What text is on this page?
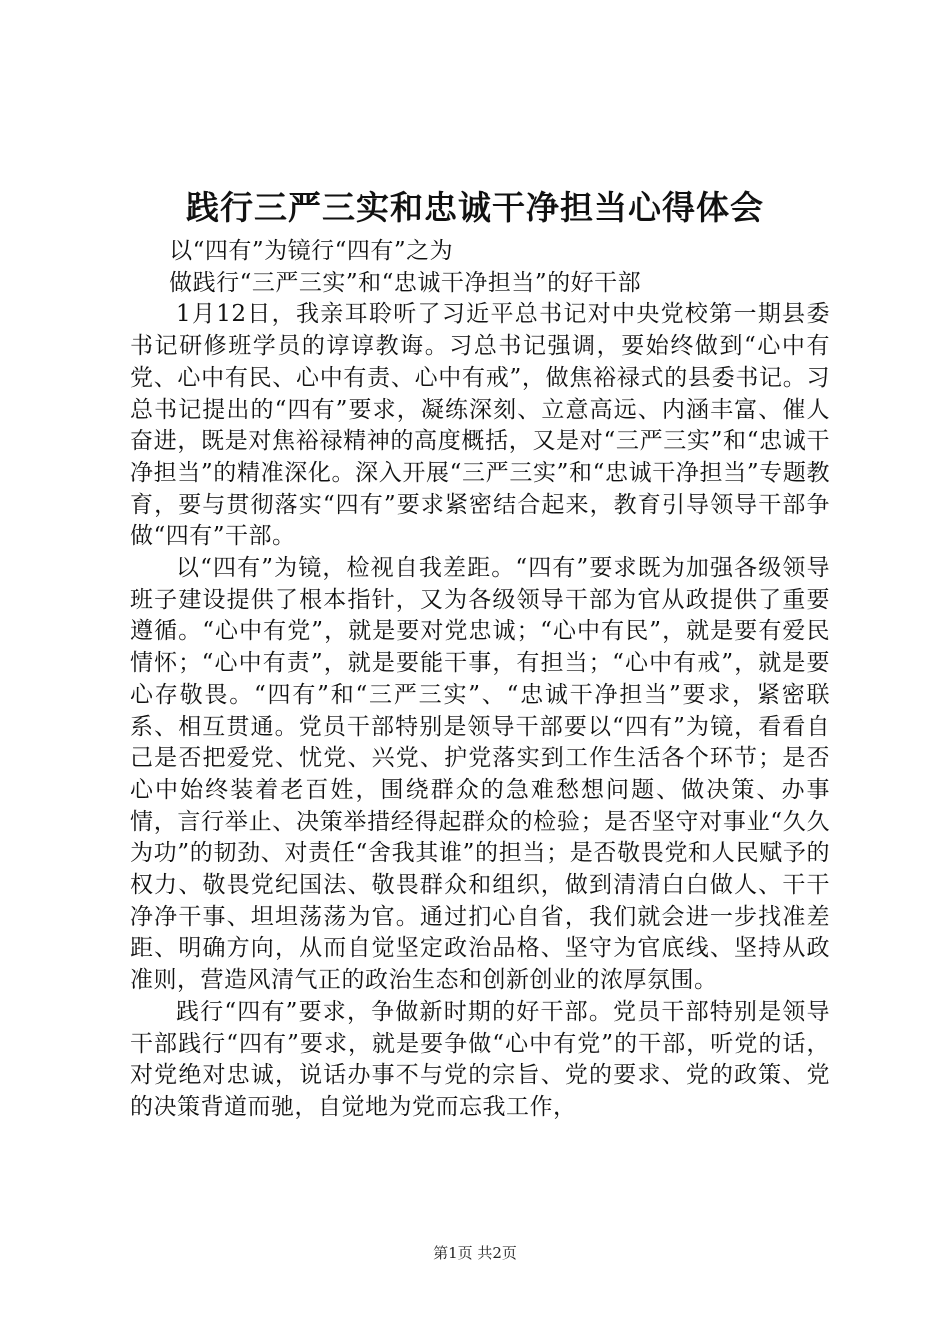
践行三严三实和忠诚干净担当心得体会

以“四有”为镜行“四有”之为

做践行“三严三实”和“忠诚干净担当”的好干部

1月12日，我亲耳聆听了习近平总书记对中央党校第一期县委书记研修班学员的谆谆教诲。习总书记强调，要始终做到“心中有党、心中有民、心中有责、心中有戒”，做焦裕禄式的县委书记。习总书记提出的“四有”要求，凝练深刻、立意高远、内涵丰富、催人奋进，既是对焦裕禄精神的高度概括，又是对“三严三实”和“忠诚干净担当”的精准深化。深入开展“三严三实”和“忠诚干净担当”专题教育，要与贯彻落实“四有”要求紧密结合起来，教育引导领导干部争做“四有”干部。

以“四有”为镜，检视自我差距。“四有”要求既为加强各级领导班子建设提供了根本指针，又为各级领导干部为官从政提供了重要遵循。“心中有党”，就是要对党忠诚；“心中有民”，就是要有爱民情怀；“心中有责”，就是要能干事，有担当；“心中有戒”，就是要心存敬畏。“四有”和“三严三实”、“忠诚干净担当”要求，紧密联系、相互贯通。党员干部特别是领导干部要以“四有”为镜，看看自己是否把爱党、忧党、兴党、护党落实到工作生活各个环节；是否心中始终装着老百姓，围绕群众的急难愁想问题、做决策、办事情，言行举止、决策举措经得起群众的检验；是否坚守对事业“久久为功”的韧劲、对责任“舍我其谁”的担当；是否敬畏党和人民赋予的权力、敬畏党纪国法、敬畏群众和组织，做到清清白白做人、干干净净干事、坦坦荡荡为官。通过扪心自省，我们就会进一步找准差距、明确方向，从而自觉坚定政治品格、坚守为官底线、坚持从政准则，营造风清气正的政治生态和创新创业的浓厚氛围。

践行“四有”要求，争做新时期的好干部。党员干部特别是领导干部践行“四有”要求，就是要争做“心中有党”的干部，听党的话，对党绝对忠诚，说话办事不与党的宗旨、党的要求、党的政策、党的决策背道而驰，自觉地为党而忘我工作，

第1页 共2页
